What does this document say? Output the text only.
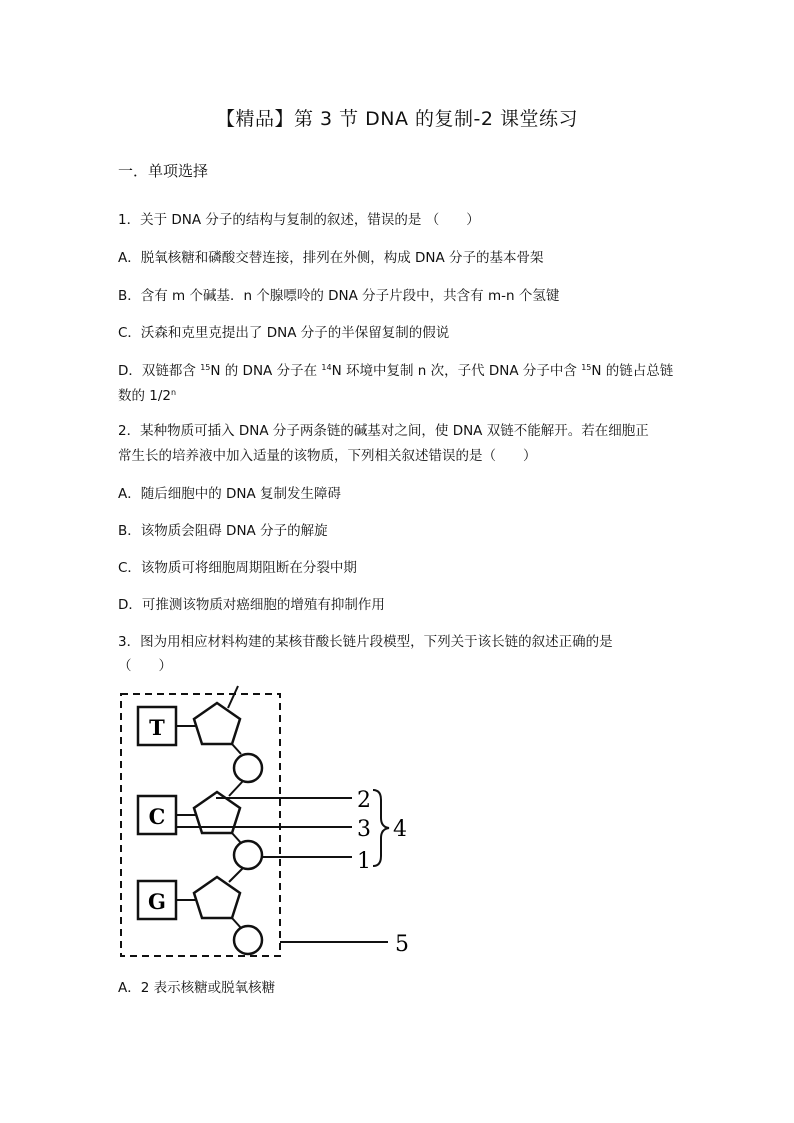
【精品】第 3 节 DNA 的复制-2 课堂练习
一．单项选择
1．关于 DNA 分子的结构与复制的叙述，错误的是 （　　）
A．脱氧核糖和磷酸交替连接，排列在外侧，构成 DNA 分子的基本骨架
B．含有 m 个碱基．n 个腺嘌呤的 DNA 分子片段中，共含有 m-n 个氢键
C．沃森和克里克提出了 DNA 分子的半保留复制的假说
D．双链都含 $^{15}$N 的 DNA 分子在 $^{14}$N 环境中复制 n 次，子代 DNA 分子中含 $^{15}$N 的链占总链
数的 1/2$^n$
2．某种物质可插入 DNA 分子两条链的碱基对之间，使 DNA 双链不能解开。若在细胞正
常生长的培养液中加入适量的该物质，下列相关叙述错误的是（　　）
A．随后细胞中的 DNA 复制发生障碍
B．该物质会阻碍 DNA 分子的解旋
C．该物质可将细胞周期阻断在分裂中期
D．可推测该物质对癌细胞的增殖有抑制作用
3．图为用相应材料构建的某核苷酸长链片段模型，下列关于该长链的叙述正确的是
（　　）
T
C
G
2
3
1
4
5
A．2 表示核糖或脱氧核糖
